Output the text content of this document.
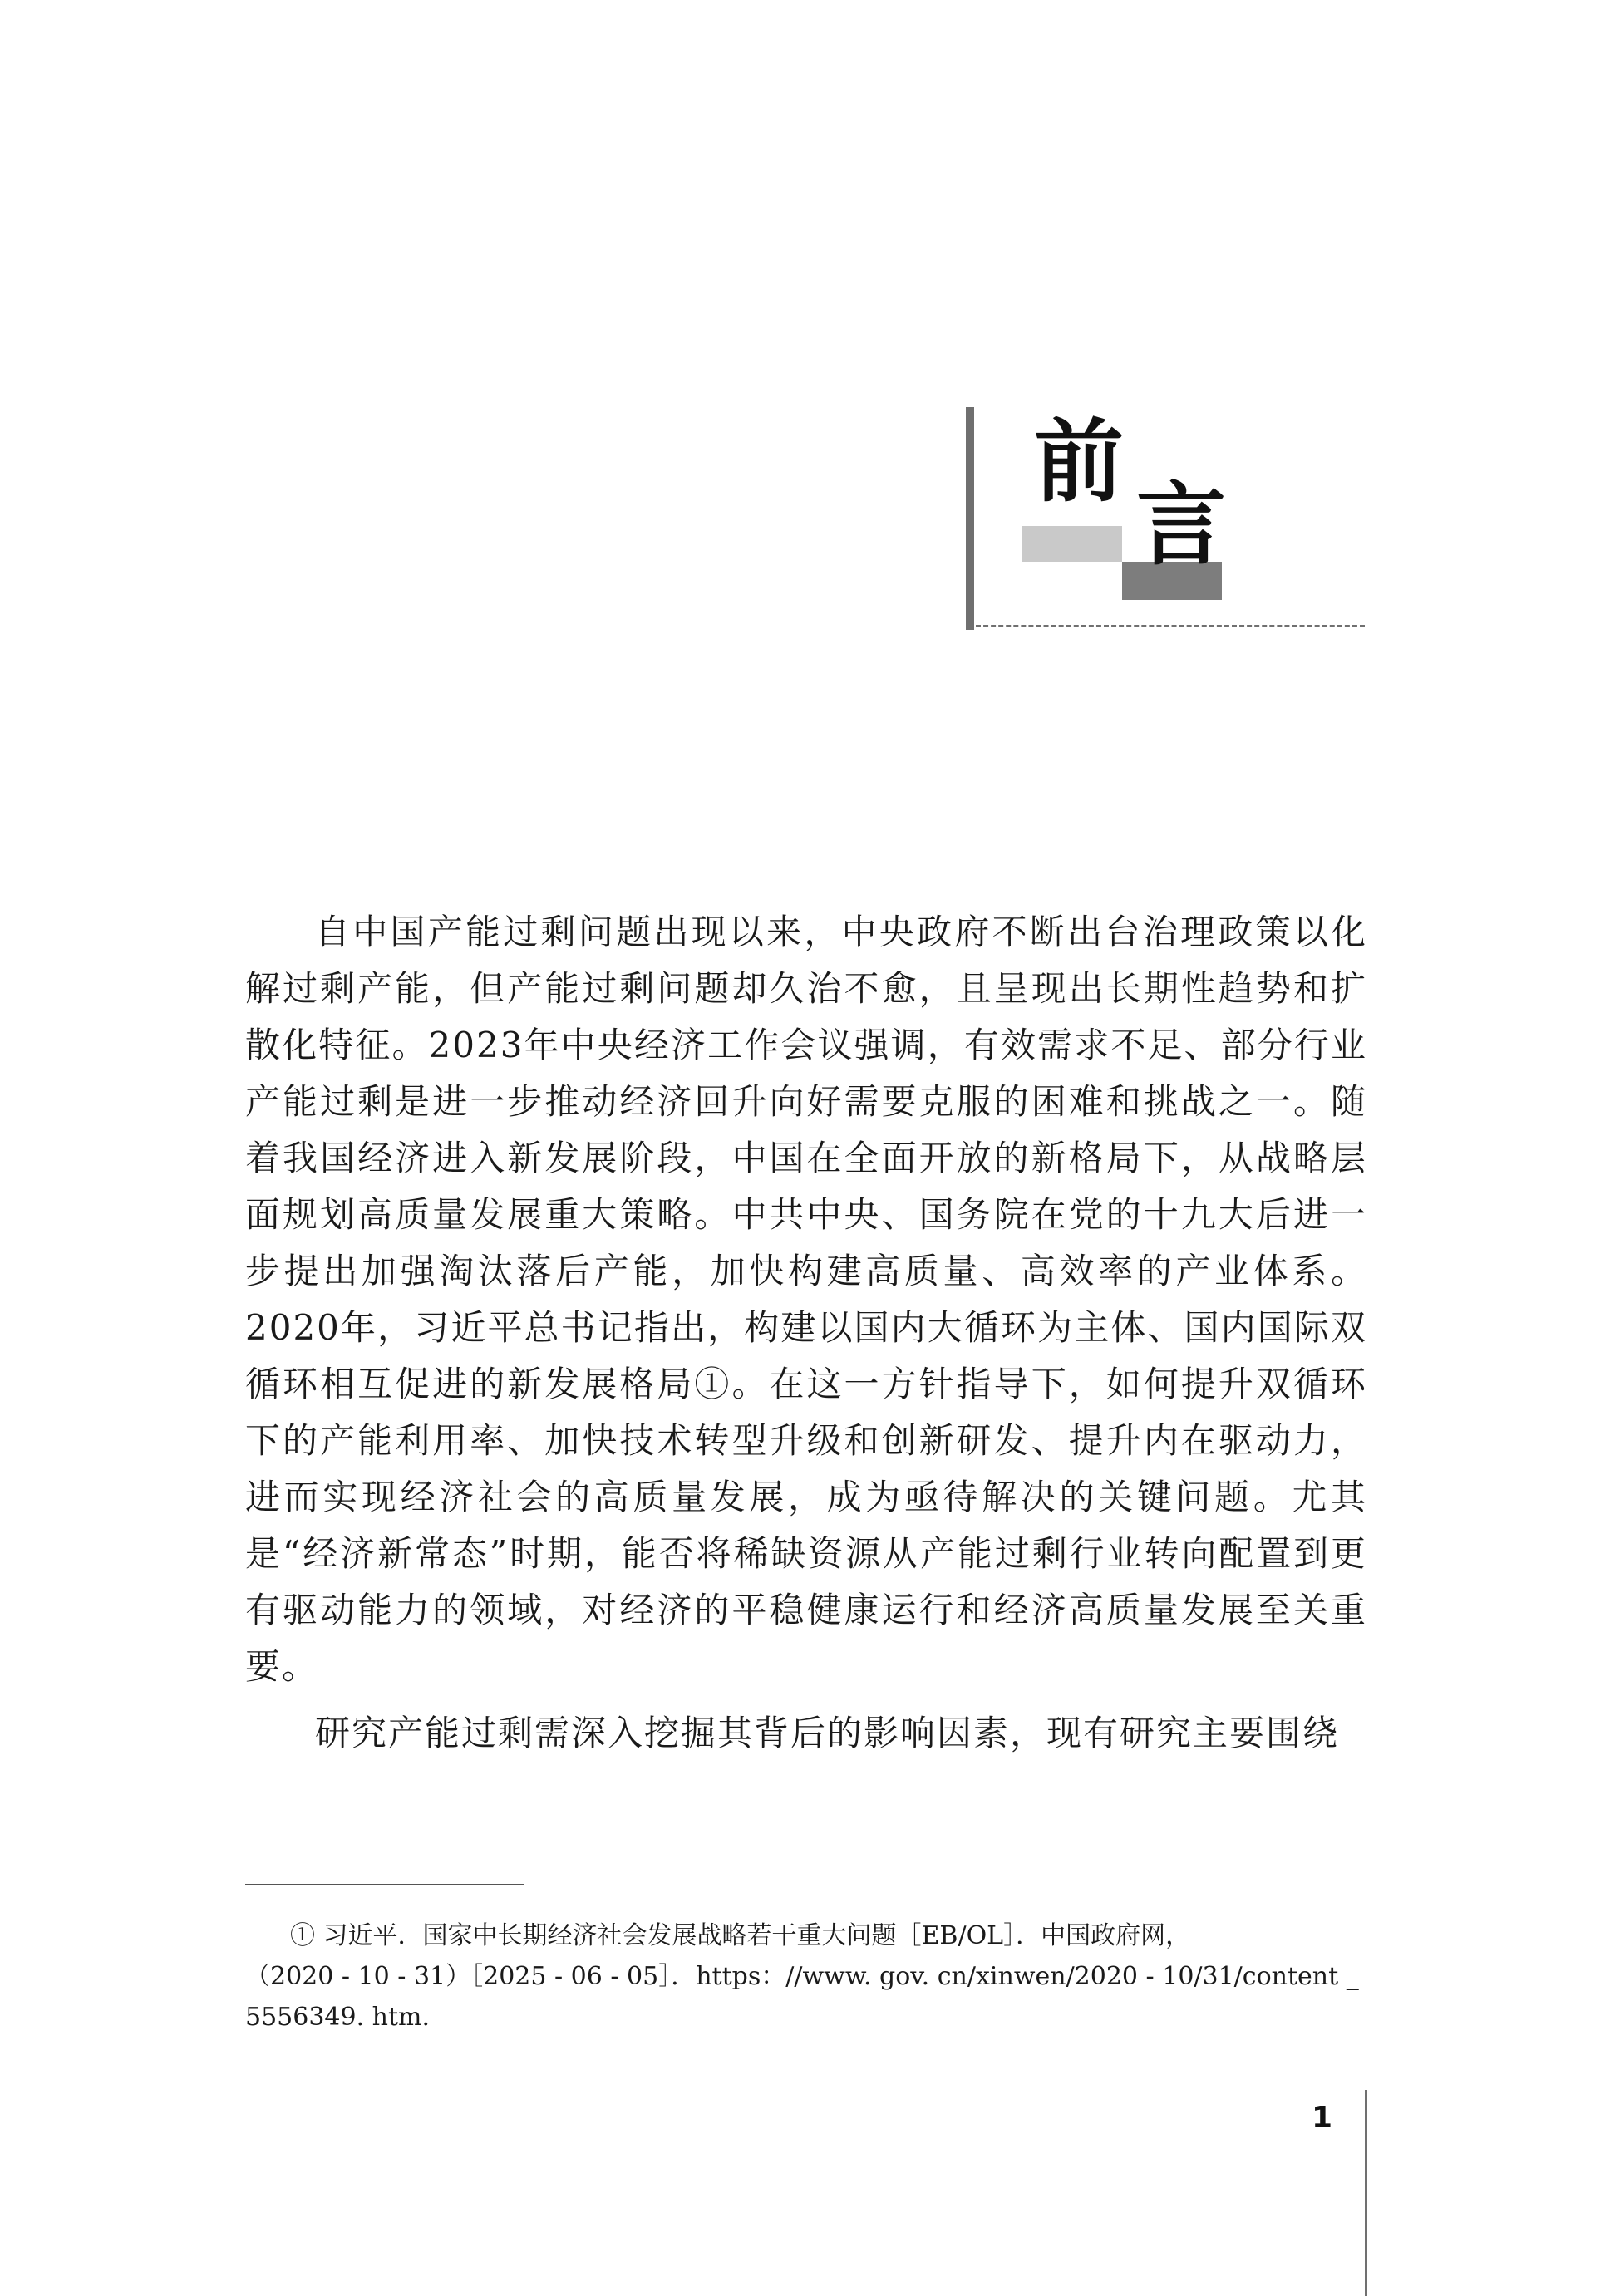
前
言

自中国产能过剩问题出现以来，中央政府不断出台治理政策以化解过剩产能，但产能过剩问题却久治不愈，且呈现出长期性趋势和扩散化特征。2023年中央经济工作会议强调，有效需求不足、部分行业产能过剩是进一步推动经济回升向好需要克服的困难和挑战之一。随着我国经济进入新发展阶段，中国在全面开放的新格局下，从战略层面规划高质量发展重大策略。中共中央、国务院在党的十九大后进一步提出加强淘汰落后产能，加快构建高质量、高效率的产业体系。2020年，习近平总书记指出，构建以国内大循环为主体、国内国际双循环相互促进的新发展格局①。在这一方针指导下，如何提升双循环下的产能利用率、加快技术转型升级和创新研发、提升内在驱动力，进而实现经济社会的高质量发展，成为亟待解决的关键问题。尤其是“经济新常态”时期，能否将稀缺资源从产能过剩行业转向配置到更有驱动能力的领域，对经济的平稳健康运行和经济高质量发展至关重要。

研究产能过剩需深入挖掘其背后的影响因素，现有研究主要围绕

① 习近平．国家中长期经济社会发展战略若干重大问题［EB/OL］．中国政府网，
（2020 - 10 - 31）［2025 - 06 - 05］．https：//www. gov. cn/xinwen/2020 - 10/31/content _
5556349. htm.
1
